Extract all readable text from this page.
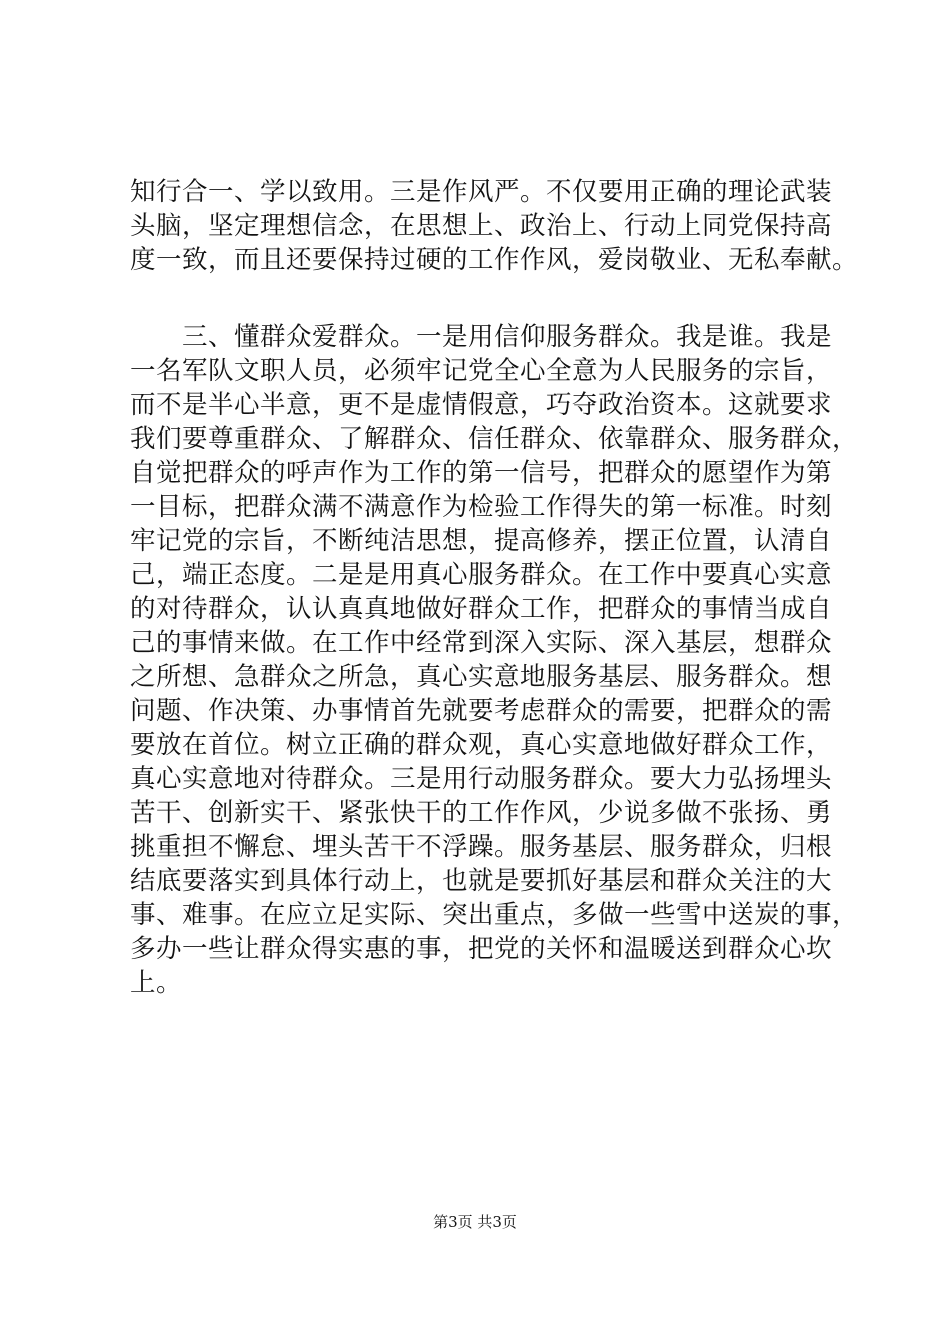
知行合一、学以致用。三是作风严。不仅要用正确的理论武装
头脑，坚定理想信念，在思想上、政治上、行动上同党保持高
度一致，而且还要保持过硬的工作作风，爱岗敬业、无私奉献。
　　三、懂群众爱群众。一是用信仰服务群众。我是谁。我是
一名军队文职人员，必须牢记党全心全意为人民服务的宗旨，
而不是半心半意，更不是虚情假意，巧夺政治资本。这就要求
我们要尊重群众、了解群众、信任群众、依靠群众、服务群众，
自觉把群众的呼声作为工作的第一信号，把群众的愿望作为第
一目标，把群众满不满意作为检验工作得失的第一标准。时刻
牢记党的宗旨，不断纯洁思想，提高修养，摆正位置，认清自
己，端正态度。二是是用真心服务群众。在工作中要真心实意
的对待群众，认认真真地做好群众工作，把群众的事情当成自
己的事情来做。在工作中经常到深入实际、深入基层，想群众
之所想、急群众之所急，真心实意地服务基层、服务群众。想
问题、作决策、办事情首先就要考虑群众的需要，把群众的需
要放在首位。树立正确的群众观，真心实意地做好群众工作，
真心实意地对待群众。三是用行动服务群众。要大力弘扬埋头
苦干、创新实干、紧张快干的工作作风，少说多做不张扬、勇
挑重担不懈怠、埋头苦干不浮躁。服务基层、服务群众，归根
结底要落实到具体行动上，也就是要抓好基层和群众关注的大
事、难事。在应立足实际、突出重点，多做一些雪中送炭的事，
多办一些让群众得实惠的事，把党的关怀和温暖送到群众心坎
上。
第3页 共3页
